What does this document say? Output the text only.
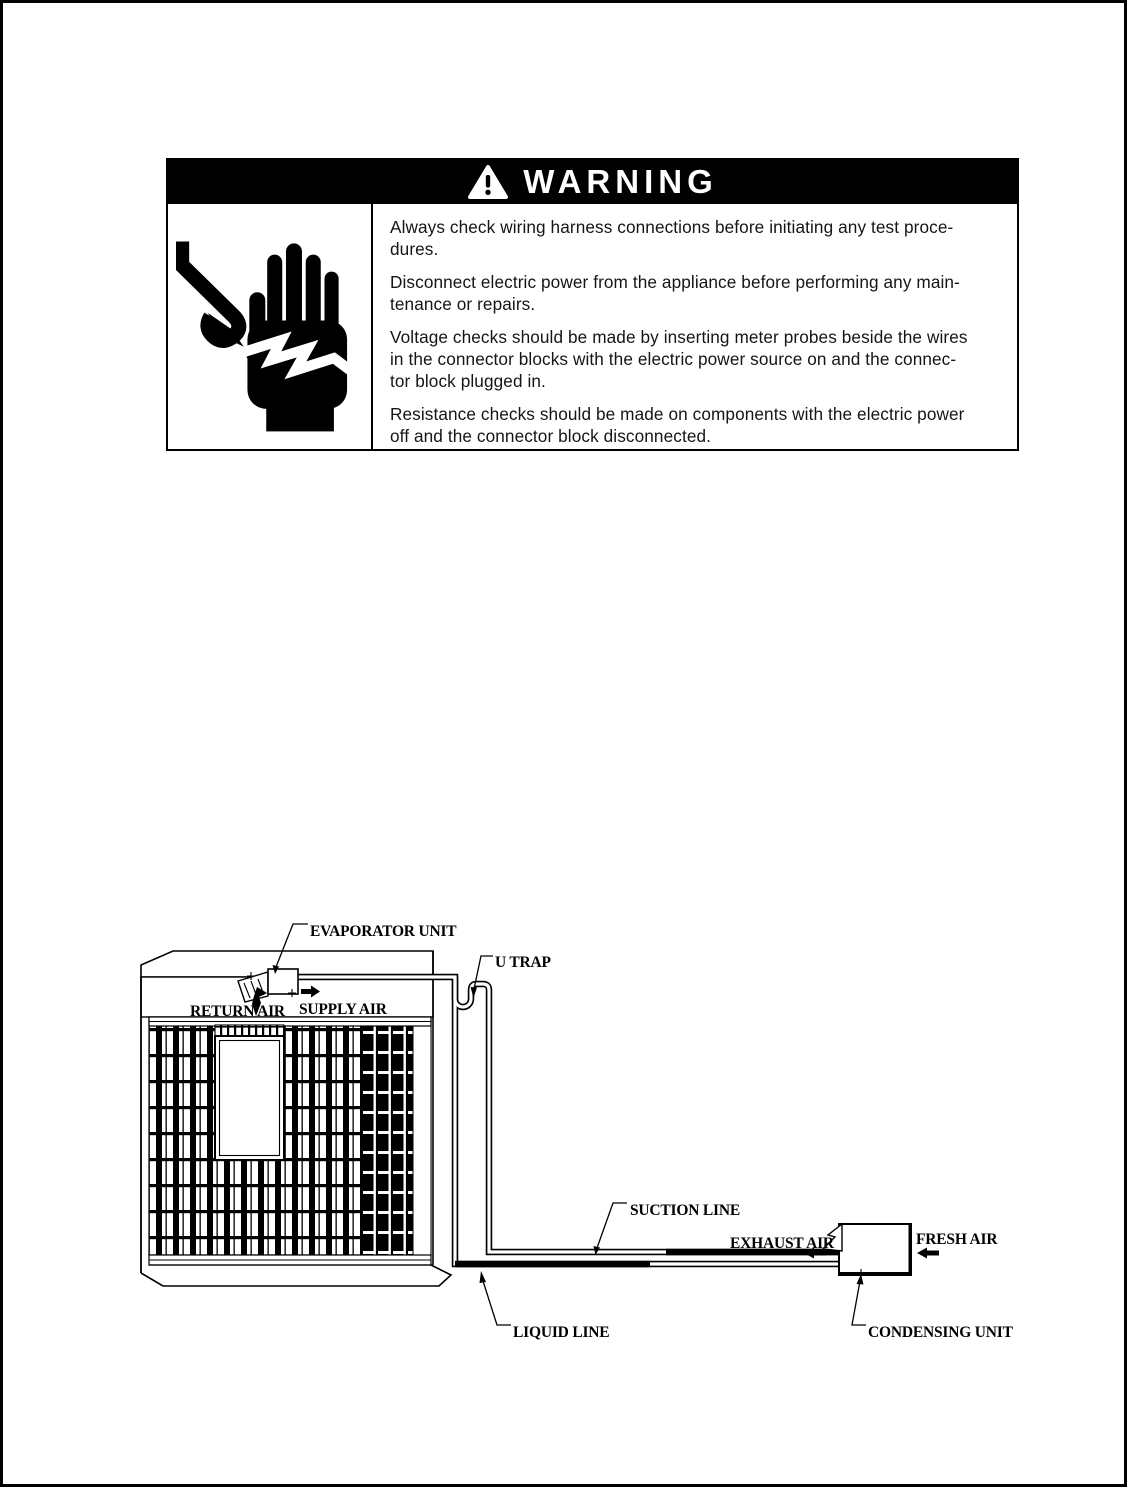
WARNING
Always check wiring harness connections before initiating any test proce-
dures.
Disconnect electric power from the appliance before performing any main-
tenance or repairs.
Voltage checks should be made by inserting meter probes beside the wires
in the connector blocks with the electric power source on and the connec-
tor block plugged in.
Resistance checks should be made on components with the electric power
off and the connector block disconnected.
EVAPORATOR UNIT
U TRAP
RETURN AIR SUPPLY AIR
SUCTION LINE
LIQUID LINE
EXHAUST AIR	FRESH AIR
CONDENSING UNIT
